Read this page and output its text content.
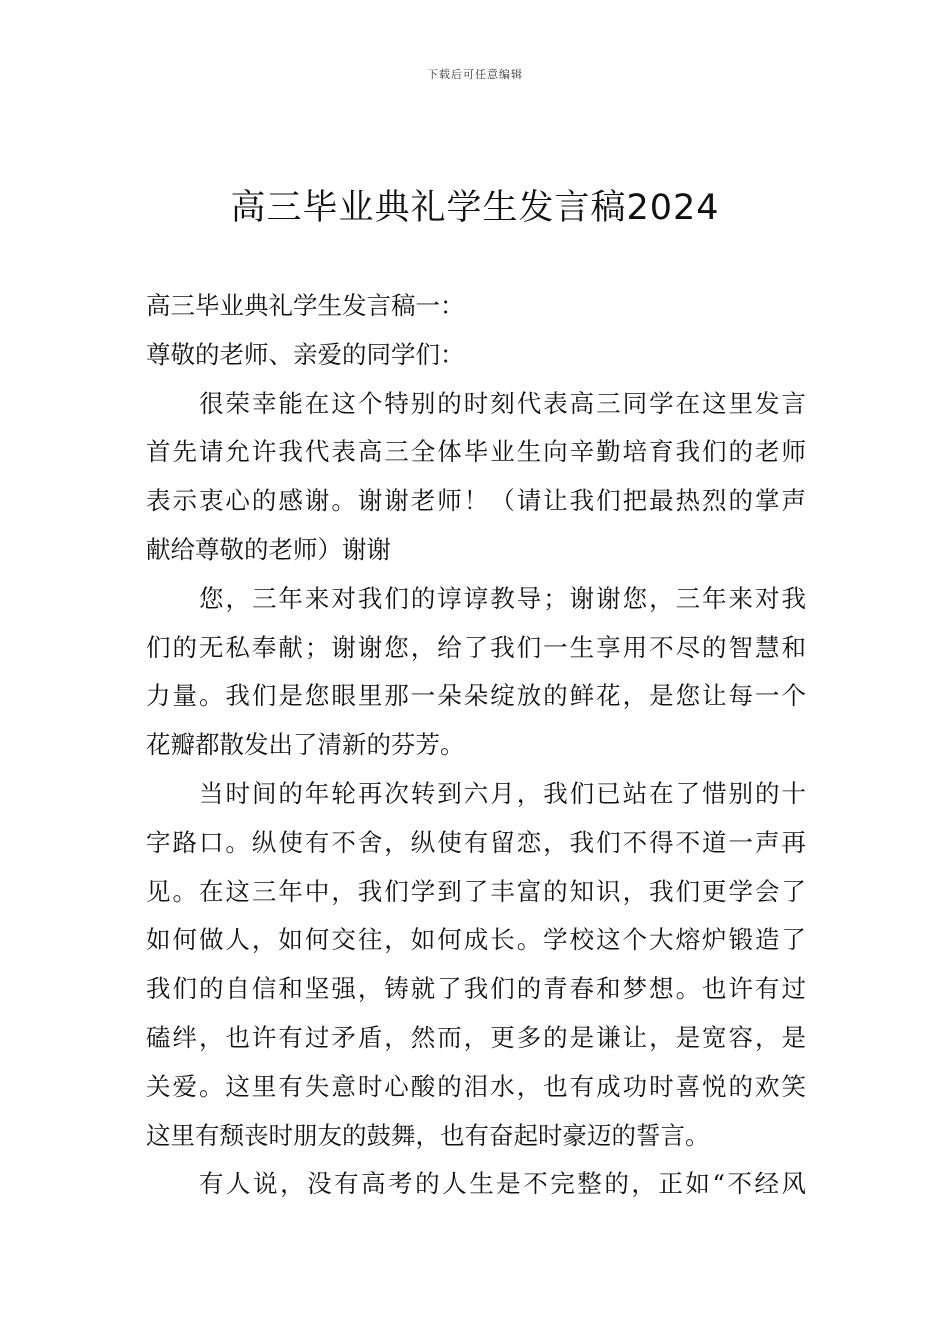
下载后可任意编辑
高三毕业典礼学生发言稿2024

高三毕业典礼学生发言稿一：

尊敬的老师、亲爱的同学们：

很荣幸能在这个特别的时刻代表高三同学在这里发言

首先请允许我代表高三全体毕业生向辛勤培育我们的老师

表示衷心的感谢。谢谢老师！（请让我们把最热烈的掌声

献给尊敬的老师）谢谢

您，三年来对我们的谆谆教导；谢谢您，三年来对我

们的无私奉献；谢谢您，给了我们一生享用不尽的智慧和

力量。我们是您眼里那一朵朵绽放的鲜花，是您让每一个

花瓣都散发出了清新的芬芳。

当时间的年轮再次转到六月，我们已站在了惜别的十

字路口。纵使有不舍，纵使有留恋，我们不得不道一声再

见。在这三年中，我们学到了丰富的知识，我们更学会了

如何做人，如何交往，如何成长。学校这个大熔炉锻造了

我们的自信和坚强，铸就了我们的青春和梦想。也许有过

磕绊，也许有过矛盾，然而，更多的是谦让，是宽容，是

关爱。这里有失意时心酸的泪水，也有成功时喜悦的欢笑

这里有颓丧时朋友的鼓舞，也有奋起时豪迈的誓言。

有人说，没有高考的人生是不完整的，正如“不经风
